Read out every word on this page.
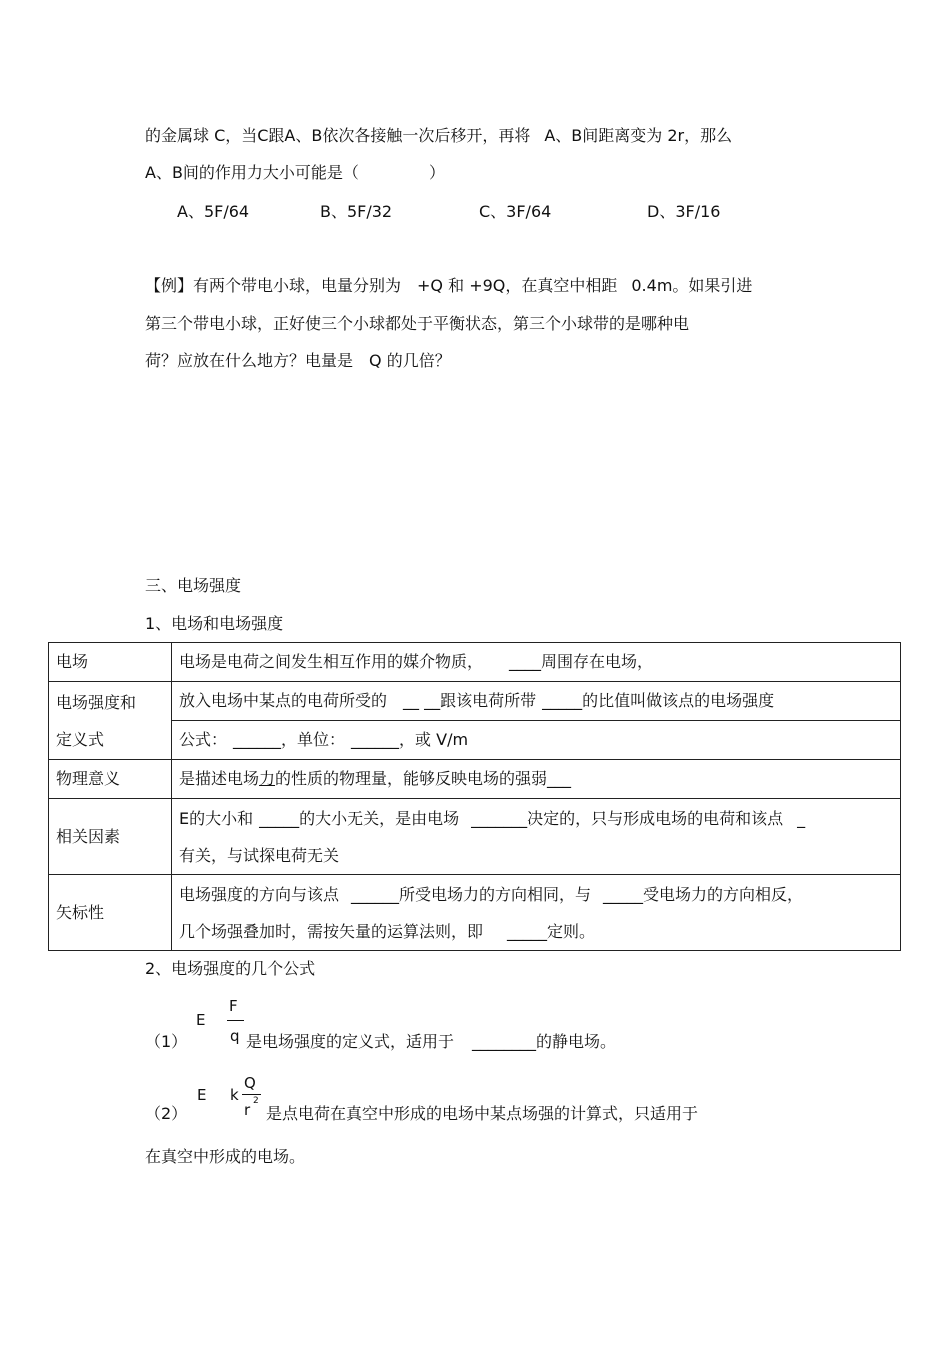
的金属球 C，当C跟A、B依次各接触一次后移开，再将 A、B间距离变为 2r，那么
A、B间的作用力大小可能是（	）
A、5F/64	B、5F/32	C、3F/64	D、3F/16
【例】有两个带电小球，电量分别为 +Q 和 +9Q，在真空中相距 0.4m。如果引进
第三个带电小球，正好使三个小球都处于平衡状态，第三个小球带的是哪种电
荷？应放在什么地方？电量是 Q 的几倍？
三、电场强度
1、电场和电场强度
电场	电场是电荷之间发生相互作用的媒介物质， ____周围存在电场，
电场强度和
定义式	放入电场中某点的电荷所受的 __ __跟该电荷所带 _____的比值叫做该点的电场强度
	公式： ______，单位： ______，或 V/m
物理意义	是描述电场力的性质的物理量，能够反映电场的强弱___
相关因素	E的大小和 _____的大小无关，是由电场 _______决定的，只与形成电场的电荷和该点 _
有关，与试探电荷无关
矢标性	电场强度的方向与该点 ______所受电场力的方向相同，与 _____受电场力的方向相反，
几个场强叠加时，需按矢量的运算法则，即 _____定则。
2、电场强度的几个公式
（1）
E
F
q 是电场强度的定义式，适用于 ________的静电场。
（2）
E k
Q
r 2
是点电荷在真空中形成的电场中某点场强的计算式，只适用于
在真空中形成的电场。
